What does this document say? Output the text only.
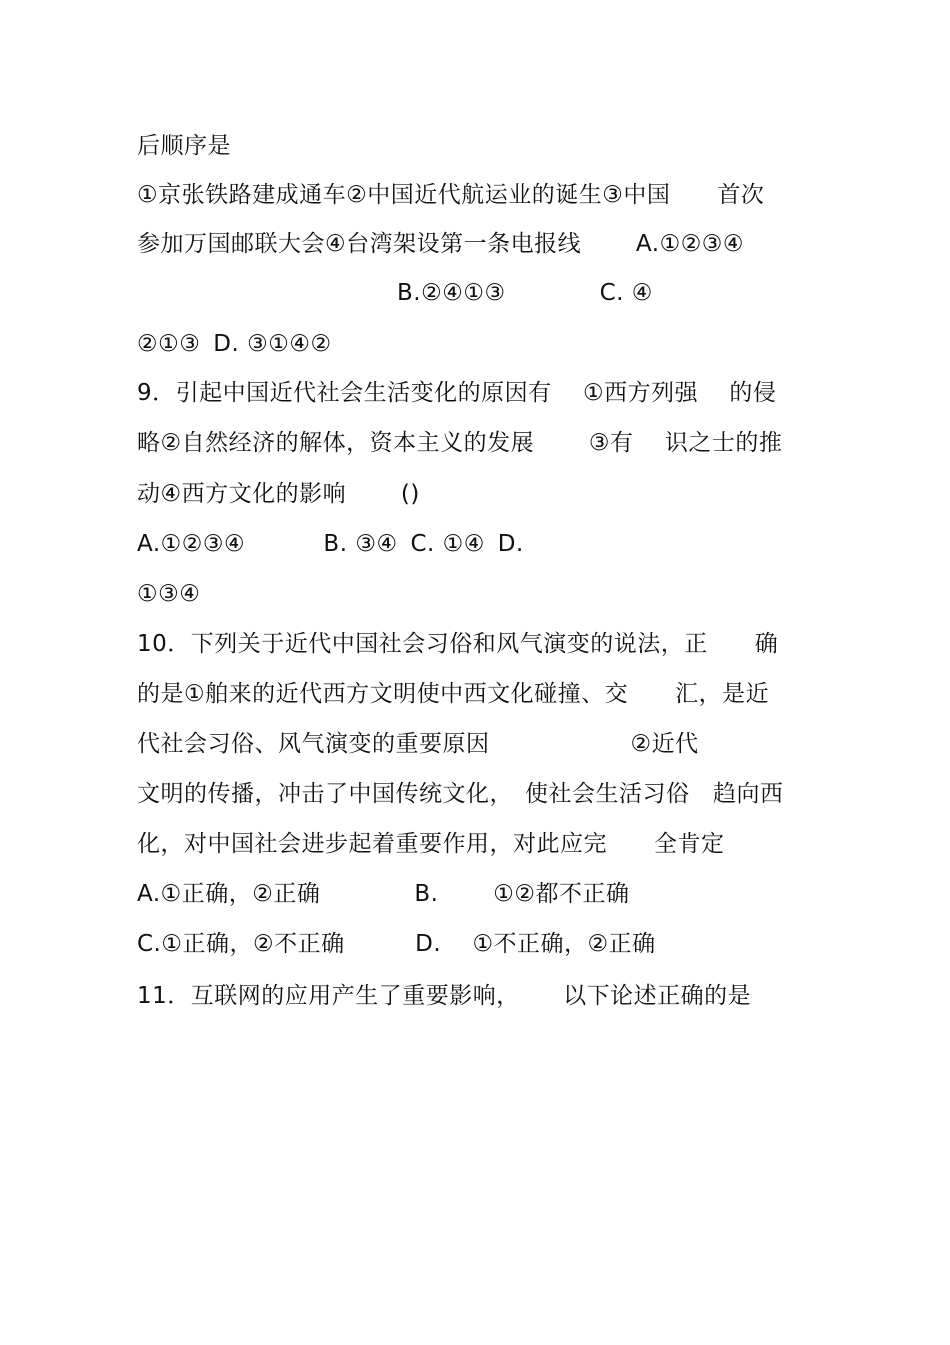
后顺序是
①京张铁路建成通车②中国近代航运业的诞生③中国　　首次
参加万国邮联大会④台湾架设第一条电报线　 　A.①②③④
B.②④①③　　　　C. ④
②①③  D. ③①④②
9．引起中国近代社会生活变化的原因有　 ①西方列强 　的侵
略②自然经济的解体，资本主义的发展　 　③有 　识之士的推
动④西方文化的影响　 　()
A.①②③④　　 　B. ③④  C. ①④  D.
①③④
10．下列关于近代中国社会习俗和风气演变的说法，正　　确
的是①舶来的近代西方文明使中西文化碰撞、交　　汇，是近
代社会习俗、风气演变的重要原因　　　　　　②近代
文明的传播，冲击了中国传统文化，　使社会生活习俗　趋向西
化，对中国社会进步起着重要作用，对此应完　　全肯定
A.①正确，②正确　　　　B.　　 ①②都不正确
C.①正确，②不正确　　　D.　 ①不正确，②正确
11．互联网的应用产生了重要影响，　 　以下论述正确的是
